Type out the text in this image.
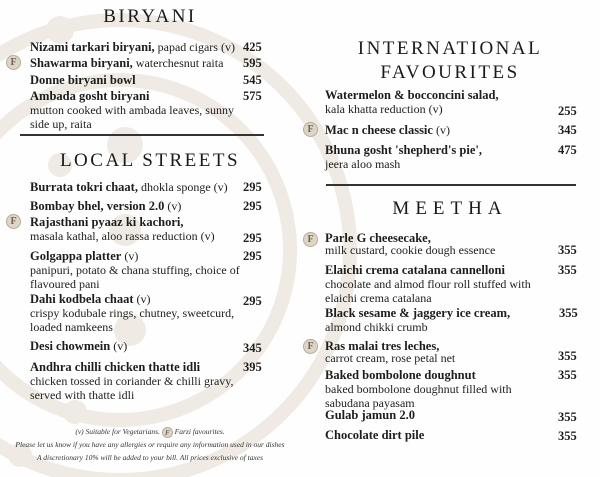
BIRYANI
Nizami tarkari biryani, papad cigars (v) 425
F	Shawarma biryani, waterchesnut raita 595
Donne biryani bowl	545
Ambada gosht biryani
mutton cooked with ambada leaves, sunny side up, raita
575
LOCAL STREETS
Burrata tokri chaat, dhokla sponge (v) 295
Bombay bhel, version 2.0 (v)	295
F	Rajasthani pyaaz ki kachori,
masala kathal, aloo rassa reduction (v)	295
Golgappa platter (v)
panipuri, potato & chana stuffing, choice of flavoured pani
295
Dahi kodbela chaat (v)
crispy kodubale rings, chutney, sweetcurd, loaded namkeens
295
Desi chowmein (v)	345
Andhra chilli chicken thatte idli
chicken tossed in coriander & chilli gravy, served with thatte idli
395
(v) Suitable for Vegetarians. F Farzi favourites.
Please let us know if you have any allergies or require any information used in our dishes
A discretionary 10% will be added to your bill. All prices exclusive of taxes
INTERNATIONAL
FAVOURITES
Watermelon & bocconcini salad,
kala khatta reduction (v)	255
F Mac n cheese classic (v)	345
Bhuna gosht 'shepherd's pie',
jeera aloo mash
475
MEETHA
F Parle G cheesecake,
milk custard, cookie dough essence	355
Elaichi crema catalana cannelloni
chocolate and almod flour roll stuffed with elaichi crema catalana
355
Black sesame & jaggery ice cream,
almond chikki crumb
355
F Ras malai tres leches,
carrot cream, rose petal net	355
Baked bombolone doughnut
baked bombolone doughnut filled with sabudana payasam
355
Gulab jamun 2.0	355
Chocolate dirt pile	355
